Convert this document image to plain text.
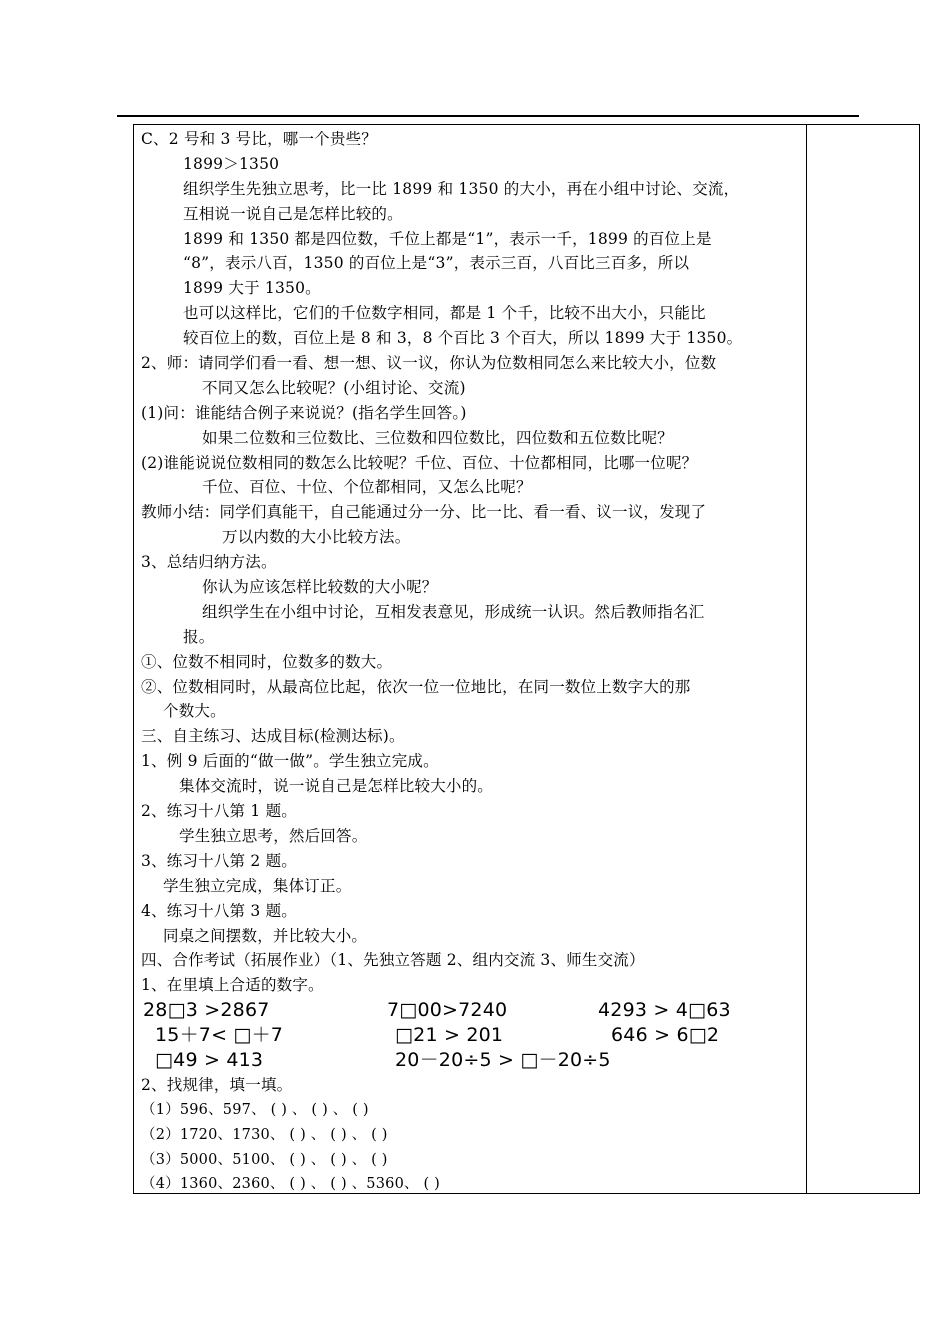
C、2 号和 3 号比，哪一个贵些？
1899＞1350
组织学生先独立思考，比一比 1899 和 1350 的大小，再在小组中讨论、交流，
互相说一说自己是怎样比较的。
1899 和 1350 都是四位数，千位上都是“1”，表示一千，1899 的百位上是
“8”，表示八百，1350 的百位上是“3”，表示三百，八百比三百多，所以
1899 大于 1350。
也可以这样比，它们的千位数字相同，都是 1 个千，比较不出大小，只能比
较百位上的数，百位上是 8 和 3，8 个百比 3 个百大，所以 1899 大于 1350。
2、师：请同学们看一看、想一想、议一议，你认为位数相同怎么来比较大小，位数
不同又怎么比较呢？(小组讨论、交流)
(1)问：谁能结合例子来说说？(指名学生回答。)
如果二位数和三位数比、三位数和四位数比，四位数和五位数比呢？
(2)谁能说说位数相同的数怎么比较呢？千位、百位、十位都相同，比哪一位呢？
千位、百位、十位、个位都相同，又怎么比呢？
教师小结：同学们真能干，自己能通过分一分、比一比、看一看、议一议，发现了
万以内数的大小比较方法。
3、总结归纳方法。
你认为应该怎样比较数的大小呢？
组织学生在小组中讨论，互相发表意见，形成统一认识。然后教师指名汇
报。
①、位数不相同时，位数多的数大。
②、位数相同时，从最高位比起，依次一位一位地比，在同一数位上数字大的那
个数大。
三、自主练习、达成目标(检测达标)。
1、例 9 后面的“做一做”。学生独立完成。
集体交流时，说一说自己是怎样比较大小的。
2、练习十八第 1 题。
学生独立思考，然后回答。
3、练习十八第 2 题。
学生独立完成，集体订正。
4、练习十八第 3 题。
同桌之间摆数，并比较大小。
四、合作考试（拓展作业）（1、先独立答题 2、组内交流 3、师生交流）
1、在里填上合适的数字。
28□3 >2867	7□00>7240	4293 > 4□63
15＋7< □＋7	□21 > 201	646 > 6□2
□49 > 413	20－20÷5 > □－20÷5
2、找规律，填一填。
（1）596、597、 ( ) 、 ( ) 、 ( )
（2）1720、1730、 ( ) 、 ( ) 、 ( )
（3）5000、5100、 ( ) 、 ( ) 、 ( )
（4）1360、2360、 ( ) 、 ( ) 、5360、 ( )
